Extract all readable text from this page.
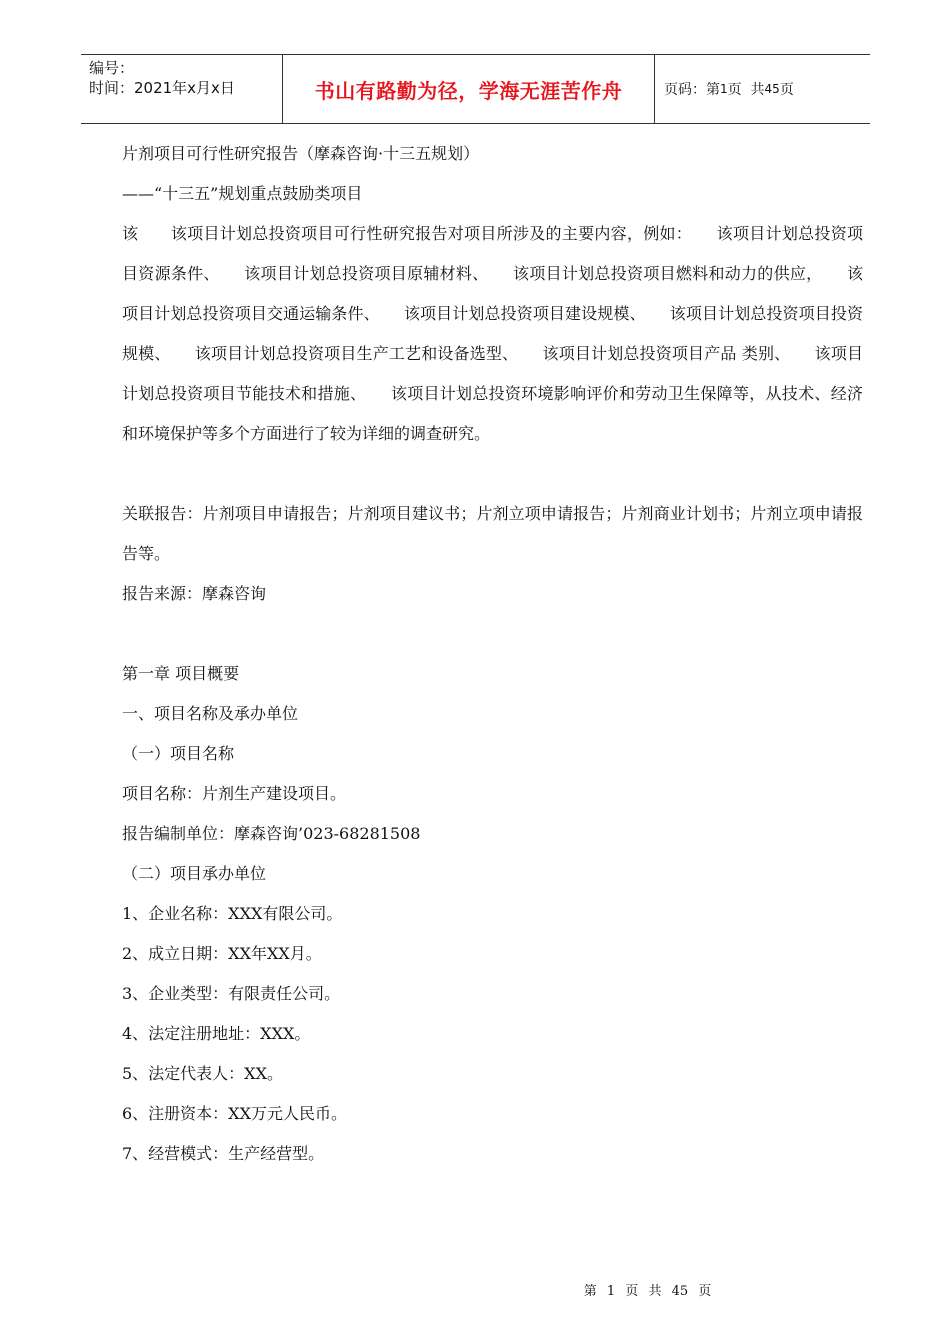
编号：
时间：2021年x月x日	书山有路勤为径，学海无涯苦作舟	页码：第 1 页  共 45 页

片剂项目可行性研究报告（摩森咨询·十三五规划）

——“十三五”规划重点鼓励类项目

该　　该项目计划总投资项目可行性研究报告对项目所涉及的主要内容，例如：　　该项目计划总投资项目资源条件、　　该项目计划总投资项目原辅材料、　　该项目计划总投资项目燃料和动力的供应，　　该项目计划总投资项目交通运输条件、　　该项目计划总投资项目建设规模、　　该项目计划总投资项目投资规模、　　该项目计划总投资项目生产工艺和设备选型、　　该项目计划总投资项目产品 类别、　　该项目计划总投资项目节能技术和措施、　　该项目计划总投资环境影响评价和劳动卫生保障等，从技术、经济和环境保护等多个方面进行了较为详细的调查研究。

关联报告：片剂项目申请报告；片剂项目建议书；片剂立项申请报告；片剂商业计划书；片剂立项申请报告等。

报告来源：摩森咨询

第一章 项目概要

一、项目名称及承办单位

（一）项目名称

项目名称：片剂生产建设项目。

报告编制单位：摩森咨询’023-68281508

（二）项目承办单位

1、企业名称：XXX有限公司。

2、成立日期：XX年XX月。

3、企业类型：有限责任公司。

4、法定注册地址：XXX。

5、法定代表人：XX。

6、注册资本：XX万元人民币。

7、经营模式：生产经营型。

第 1 页 共 45 页
